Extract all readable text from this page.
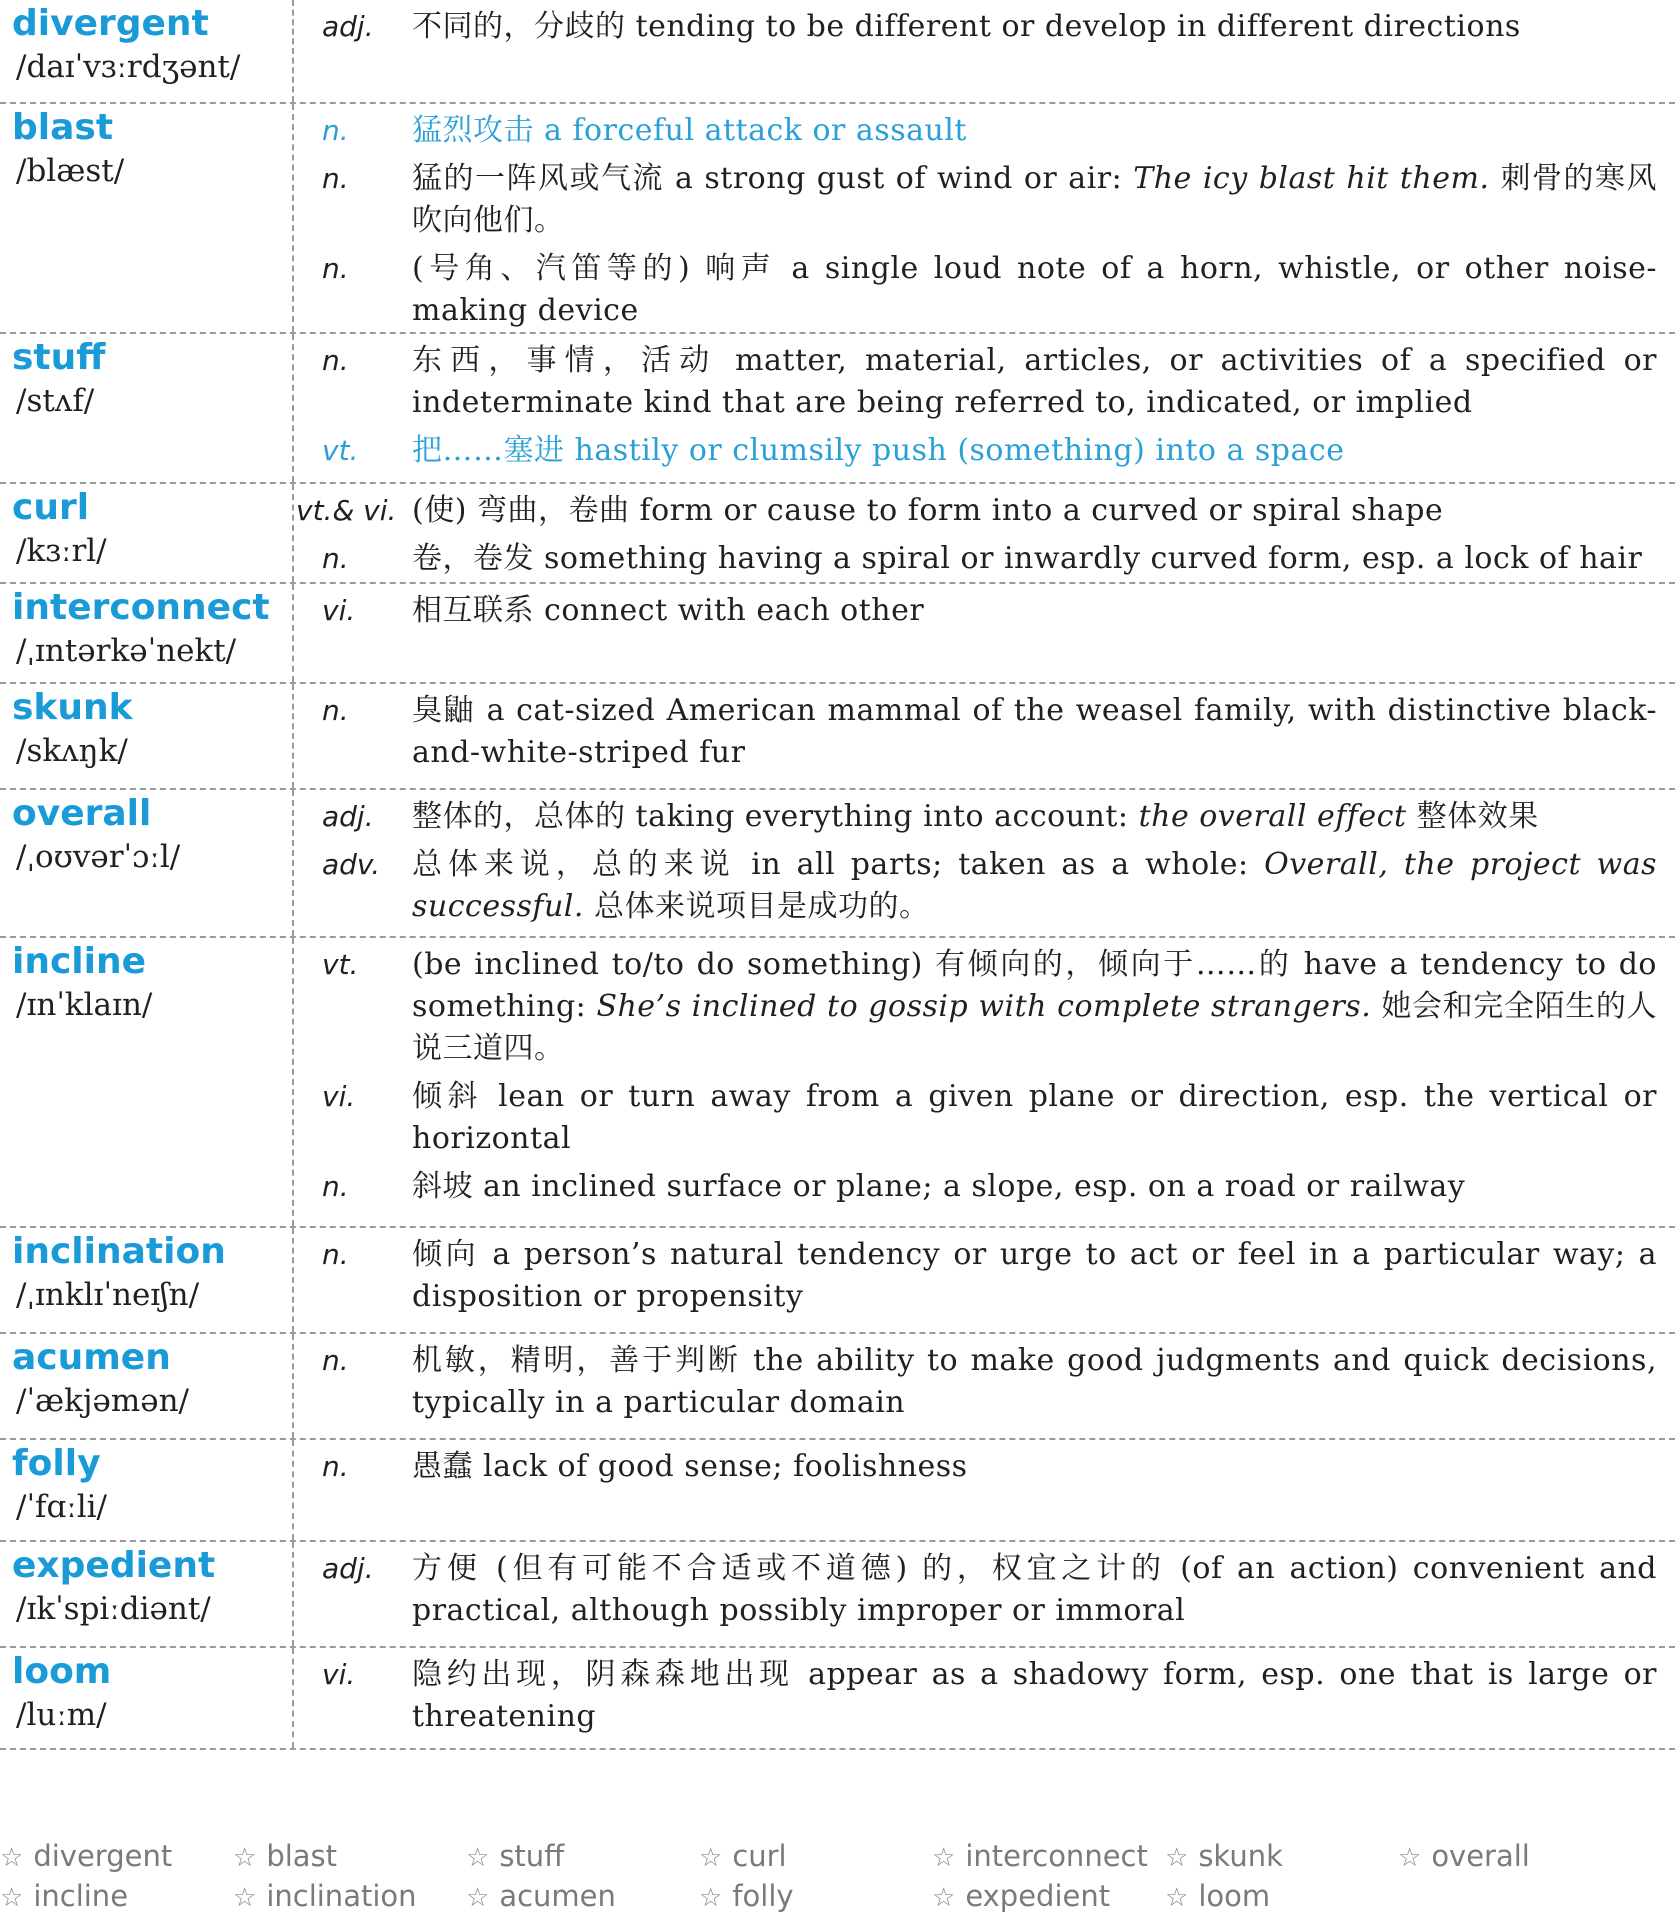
divergent
/daɪˈvɜːrdʒənt/
adj.	不同的，分歧的 tending to be different or develop in different directions
blast
/blæst/
n.	猛烈攻击 a forceful attack or assault
n.	猛的一阵风或气流 a strong gust of wind or air: The icy blast hit them. 刺骨的寒风吹向他们。
n.	(号角、汽笛等的) 响声 a single loud note of a horn, whistle, or other noise-making device
stuff
/stʌf/
n.	东西，事情，活动 matter, material, articles, or activities of a specified or indeterminate kind that are being referred to, indicated, or implied
vt.	把……塞进 hastily or clumsily push (something) into a space
curl
/kɜːrl/
vt.& vi. (使) 弯曲，卷曲 form or cause to form into a curved or spiral shape
n.	卷，卷发 something having a spiral or inwardly curved form, esp. a lock of hair
interconnect
/ˌɪntərkəˈnekt/
vi.	相互联系 connect with each other
skunk
/skʌŋk/
n.	臭鼬 a cat-sized American mammal of the weasel family, with distinctive black-and-white-striped fur
overall
/ˌoʊvərˈɔːl/
adj.	整体的，总体的 taking everything into account: the overall effect 整体效果
adv.	总体来说，总的来说 in all parts; taken as a whole: Overall, the project was successful. 总体来说项目是成功的。
incline
/ɪnˈklaɪn/
vt.	(be inclined to/to do something) 有倾向的，倾向于……的 have a tendency to do something: She’s inclined to gossip with complete strangers. 她会和完全陌生的人说三道四。
vi.	倾斜 lean or turn away from a given plane or direction, esp. the vertical or horizontal
n.	斜坡 an inclined surface or plane; a slope, esp. on a road or railway
inclination
/ˌɪnklɪˈneɪʃn/
n.	倾向 a person’s natural tendency or urge to act or feel in a particular way; a disposition or propensity
acumen
/ˈækjəmən/
n.	机敏，精明，善于判断 the ability to make good judgments and quick decisions, typically in a particular domain
folly
/ˈfɑːli/
n.	愚蠢 lack of good sense; foolishness
expedient
/ɪkˈspiːdiənt/
adj.	方便 (但有可能不合适或不道德) 的，权宜之计的 (of an action) convenient and practical, although possibly improper or immoral
loom
/luːm/
vi.	隐约出现，阴森森地出现 appear as a shadowy form, esp. one that is large or threatening
☆ divergent	☆ blast	☆ stuff	☆ curl	☆ interconnect ☆ skunk	☆ overall
☆ incline	☆ inclination	☆ acumen	☆ folly	☆ expedient	☆ loom
